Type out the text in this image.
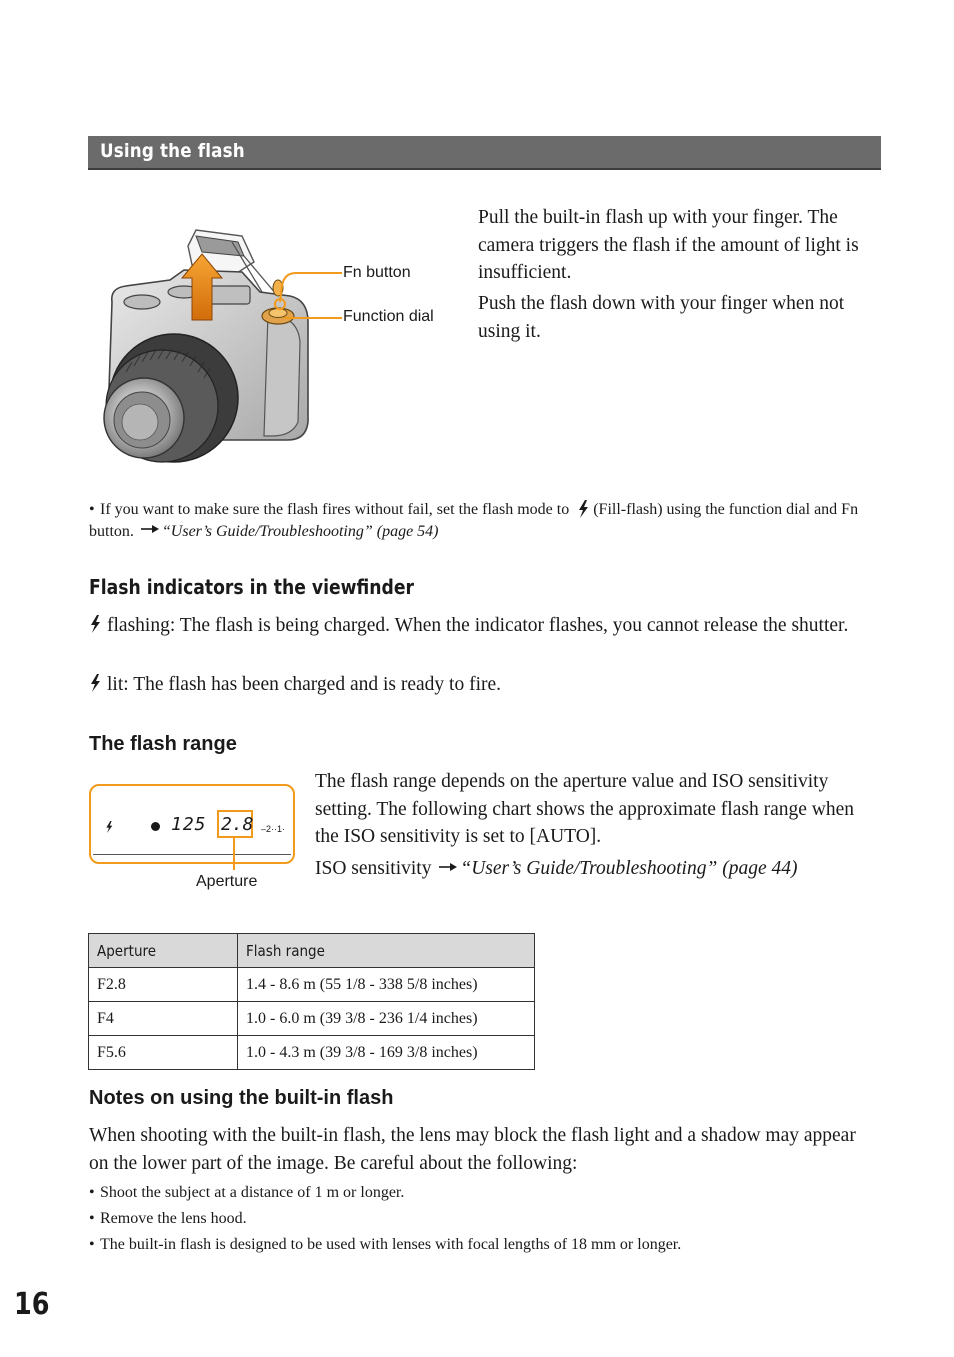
Using the flash
Fn button
Function dial
Pull the built-in flash up with your finger. The camera triggers the flash if the amount of light is insufficient.
Push the flash down with your finger when not using it.
• If you want to make sure the flash fires without fail, set the flash mode to (Fill-flash) using the function dial and Fn button. “User’s Guide/Troubleshooting” (page 54)
Flash indicators in the viewfinder
flashing: The flash is being charged. When the indicator flashes, you cannot release the shutter.
lit: The flash has been charged and is ready to fire.
The flash range
125 2.8 –2··1·
Aperture
The flash range depends on the aperture value and ISO sensitivity setting. The following chart shows the approximate flash range when the ISO sensitivity is set to [AUTO].
ISO sensitivity “User’s Guide/Troubleshooting” (page 44)
Aperture	Flash range
F2.8	1.4 - 8.6 m (55 1/8 - 338 5/8 inches)
F4	1.0 - 6.0 m (39 3/8 - 236 1/4 inches)
F5.6	1.0 - 4.3 m (39 3/8 - 169 3/8 inches)
Notes on using the built-in flash
When shooting with the built-in flash, the lens may block the flash light and a shadow may appear on the lower part of the image. Be careful about the following:
• Shoot the subject at a distance of 1 m or longer.
• Remove the lens hood.
• The built-in flash is designed to be used with lenses with focal lengths of 18 mm or longer.
16
